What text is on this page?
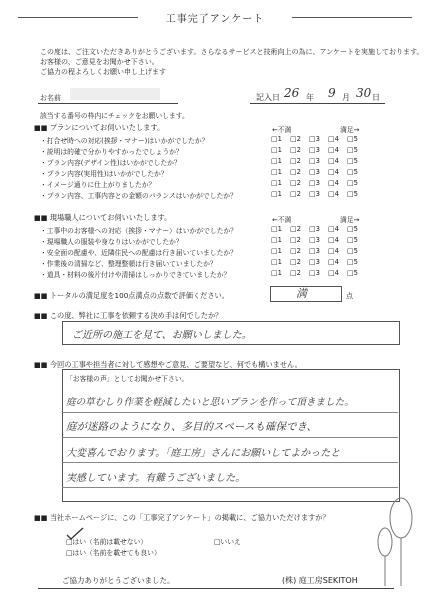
工事完了アンケート
この度は、ご注文いただきありがとうございます。さらなるサービスと技術向上の為に、アンケートを実施しております。
お客様の、ご意見をお聞かせ下さい。
ご協力の程よろしくお願い申し上げます
お名前	記入日 26 年 9 月 30 日
該当する番号の枠内にチェックをお願いします。
■■ プランについてお伺いいたします。	←不満	満足→
・打合せ時への対応(挨拶・マナー)はいかがでしたか？	□1 □2 □3 □4 □5
・説明は的確で分かりやすかったでしょうか？	□1 □2 □3 □4 □5
・プラン内容(デザイン性)はいかがでしたか？	□1 □2 □3 □4 □5
・プラン内容(実用性)はいかがでしたか？	□1 □2 □3 □4 □5
・イメージ通りに仕上がりましたか？	□1 □2 □3 □4 □5
・プラン内容、工事内容との金額のバランスはいかがでしたか？	□1 □2 □3 □4 □5
■■ 現場職人についてお伺いいたします。	←不満	満足→
・工事中のお客様への対応（挨拶・マナー）はいかがでしたか？	□1 □2 □3 □4 □5
・現場職人の服装や身なりはいかがでしたか？	□1 □2 □3 □4 □5
・安全面の配慮や、近隣住民への配慮は行き届いていましたか？	□1 □2 □3 □4 □5
・作業後の清掃など、整理整頓は行き届いていましたか？	□1 □2 □3 □4 □5
・道具・材料の後片付けや清掃はしっかりできていましたか？	□1 □2 □3 □4 □5
■■ トータルの満足度を100点満点の点数で評価ください。	満	点
■■ この度、弊社に工事を依頼する決め手は何でしたか？
ご近所の施工を見て、お願いしました。
■■ 今回の工事や担当者に対して感想やご意見、ご要望など、何でも構いません。
「お客様の声」としてお聞かせ下さい。
庭の草むしり作業を軽減したいと思いプランを作って頂きました。
庭が迷路のようになり、多目的スペースも確保でき、
大変喜んでおります。「庭工房」さんにお願いしてよかったと
実感しています。有難うございました。
■■ 当社ホームページに、この「工事完了アンケート」の掲載に、ご協力いただけますか？
□はい（名前は載せない）
□はい（名前を載せても良い）
□いいえ
ご協力ありがとうございました。	(株) 庭工房SEKITOH
